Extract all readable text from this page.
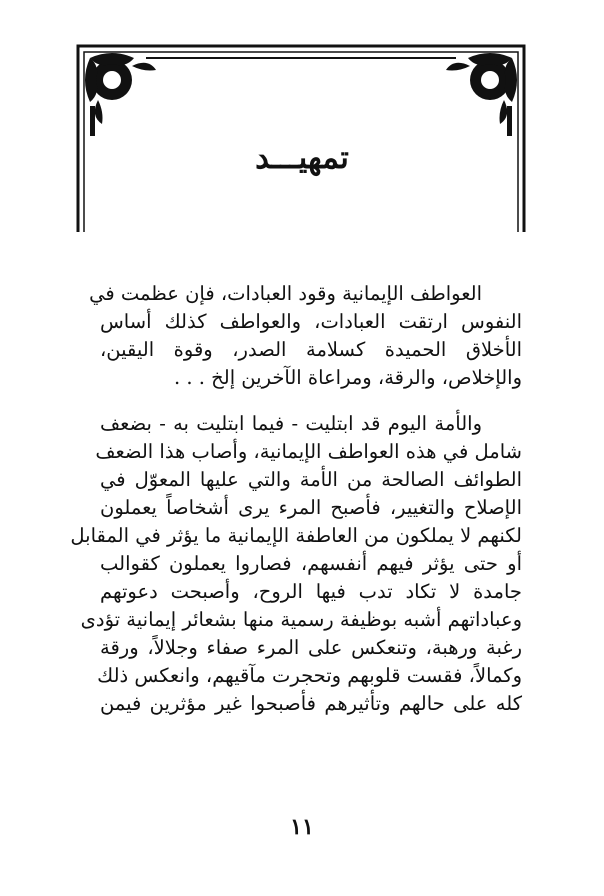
تمهيـــد
العواطف الإيمانية وقود العبادات، فإن عظمت في
النفوس ارتقت العبادات، والعواطف كذلك أساس
الأخلاق الحميدة كسلامة الصدر، وقوة اليقين،
والإخلاص، والرقة، ومراعاة الآخرين إلخ . . .
والأمة اليوم قد ابتليت - فيما ابتليت به - بضعف
شامل في هذه العواطف الإيمانية، وأصاب هذا الضعف
الطوائف الصالحة من الأمة والتي عليها المعوّل في
الإصلاح والتغيير، فأصبح المرء يرى أشخاصاً يعملون
لكنهم لا يملكون من العاطفة الإيمانية ما يؤثر في المقابل
أو حتى يؤثر فيهم أنفسهم، فصاروا يعملون كقوالب
جامدة لا تكاد تدب فيها الروح، وأصبحت دعوتهم
وعباداتهم أشبه بوظيفة رسمية منها بشعائر إيمانية تؤدى
رغبة ورهبة، وتنعكس على المرء صفاء وجلالاً، ورقة
وكمالاً، فقست قلوبهم وتحجرت مآقيهم، وانعكس ذلك
كله على حالهم وتأثيرهم فأصبحوا غير مؤثرين فيمن
١١
